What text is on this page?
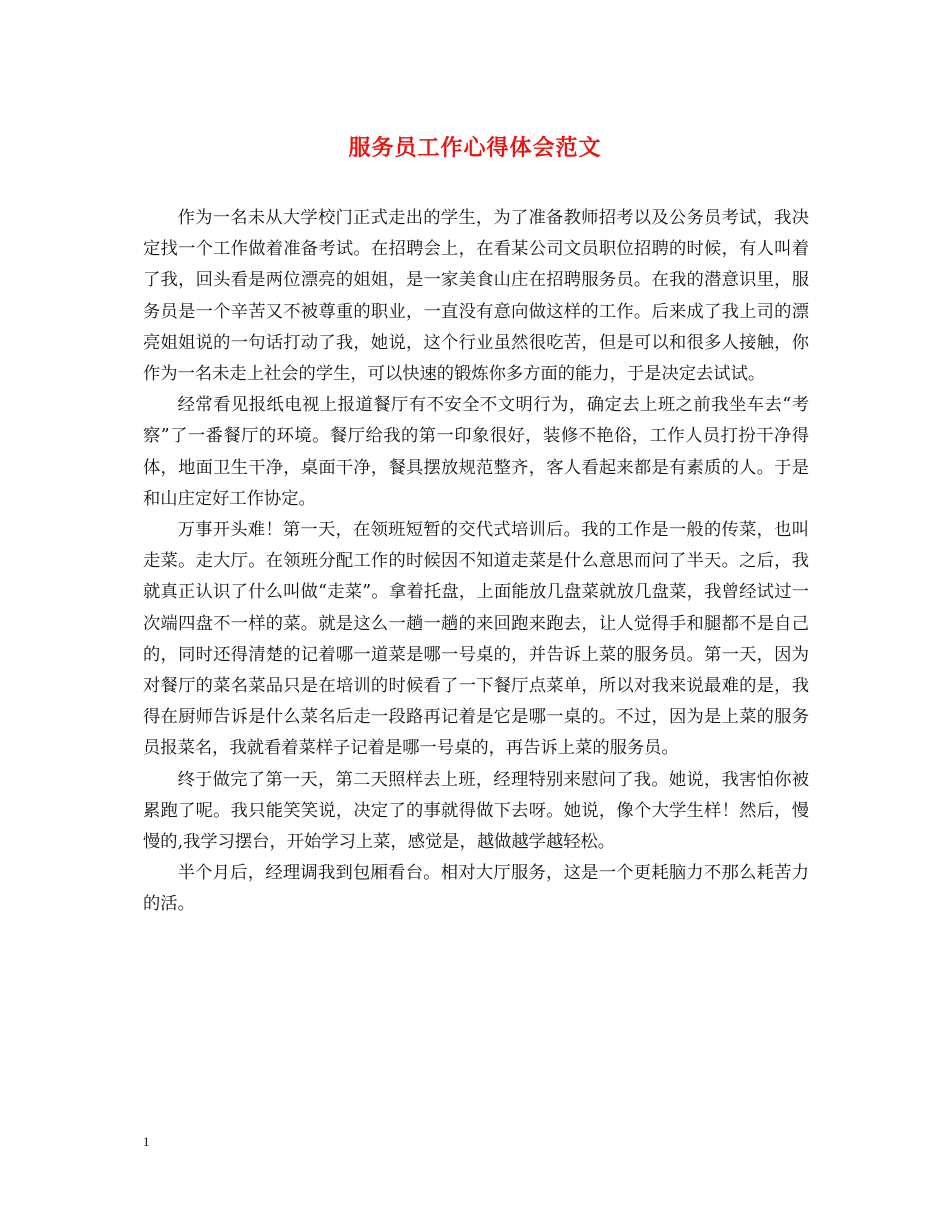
服务员工作心得体会范文

作为一名未从大学校门正式走出的学生，为了准备教师招考以及公务员考试，我决定找一个工作做着准备考试。在招聘会上，在看某公司文员职位招聘的时候，有人叫着了我，回头看是两位漂亮的姐姐，是一家美食山庄在招聘服务员。在我的潜意识里，服务员是一个辛苦又不被尊重的职业，一直没有意向做这样的工作。后来成了我上司的漂亮姐姐说的一句话打动了我，她说，这个行业虽然很吃苦，但是可以和很多人接触，你作为一名未走上社会的学生，可以快速的锻炼你多方面的能力，于是决定去试试。

经常看见报纸电视上报道餐厅有不安全不文明行为，确定去上班之前我坐车去“考察”了一番餐厅的环境。餐厅给我的第一印象很好，装修不艳俗，工作人员打扮干净得体，地面卫生干净，桌面干净，餐具摆放规范整齐，客人看起来都是有素质的人。于是和山庄定好工作协定。

万事开头难！第一天，在领班短暂的交代式培训后。我的工作是一般的传菜，也叫走菜。走大厅。在领班分配工作的时候因不知道走菜是什么意思而问了半天。之后，我就真正认识了什么叫做“走菜”。拿着托盘，上面能放几盘菜就放几盘菜，我曾经试过一次端四盘不一样的菜。就是这么一趟一趟的来回跑来跑去，让人觉得手和腿都不是自己的，同时还得清楚的记着哪一道菜是哪一号桌的，并告诉上菜的服务员。第一天，因为对餐厅的菜名菜品只是在培训的时候看了一下餐厅点菜单，所以对我来说最难的是，我得在厨师告诉是什么菜名后走一段路再记着是它是哪一桌的。不过，因为是上菜的服务员报菜名，我就看着菜样子记着是哪一号桌的，再告诉上菜的服务员。

终于做完了第一天，第二天照样去上班，经理特别来慰问了我。她说，我害怕你被累跑了呢。我只能笑笑说，决定了的事就得做下去呀。她说，像个大学生样！然后，慢慢的,我学习摆台，开始学习上菜，感觉是，越做越学越轻松。

半个月后，经理调我到包厢看台。相对大厅服务，这是一个更耗脑力不那么耗苦力的活。

1
